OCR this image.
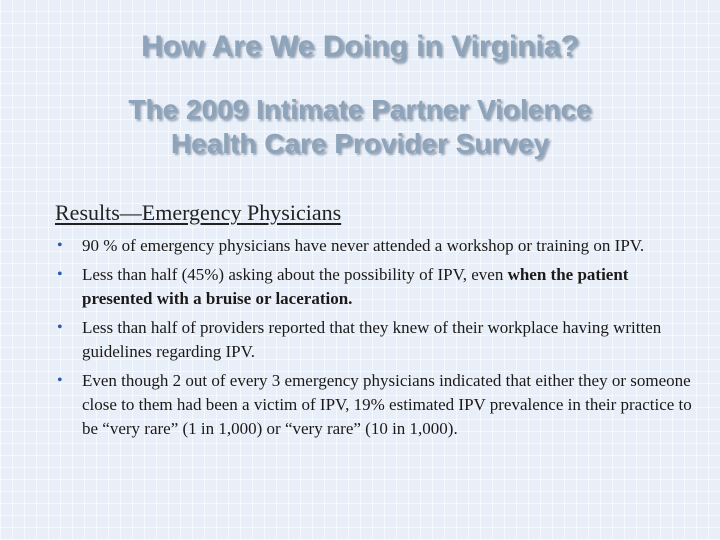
How Are We Doing in Virginia?
The 2009 Intimate Partner Violence
Health Care Provider Survey
Results—Emergency Physicians
• 90 % of emergency physicians have never attended a workshop or training on IPV.
• Less than half (45%) asking about the possibility of IPV, even when the patient presented with a bruise or laceration.
• Less than half of providers reported that they knew of their workplace having written guidelines regarding IPV.
• Even though 2 out of every 3 emergency physicians indicated that either they or someone close to them had been a victim of IPV, 19% estimated IPV prevalence in their practice to be “very rare” (1 in 1,000) or “very rare” (10 in 1,000).
